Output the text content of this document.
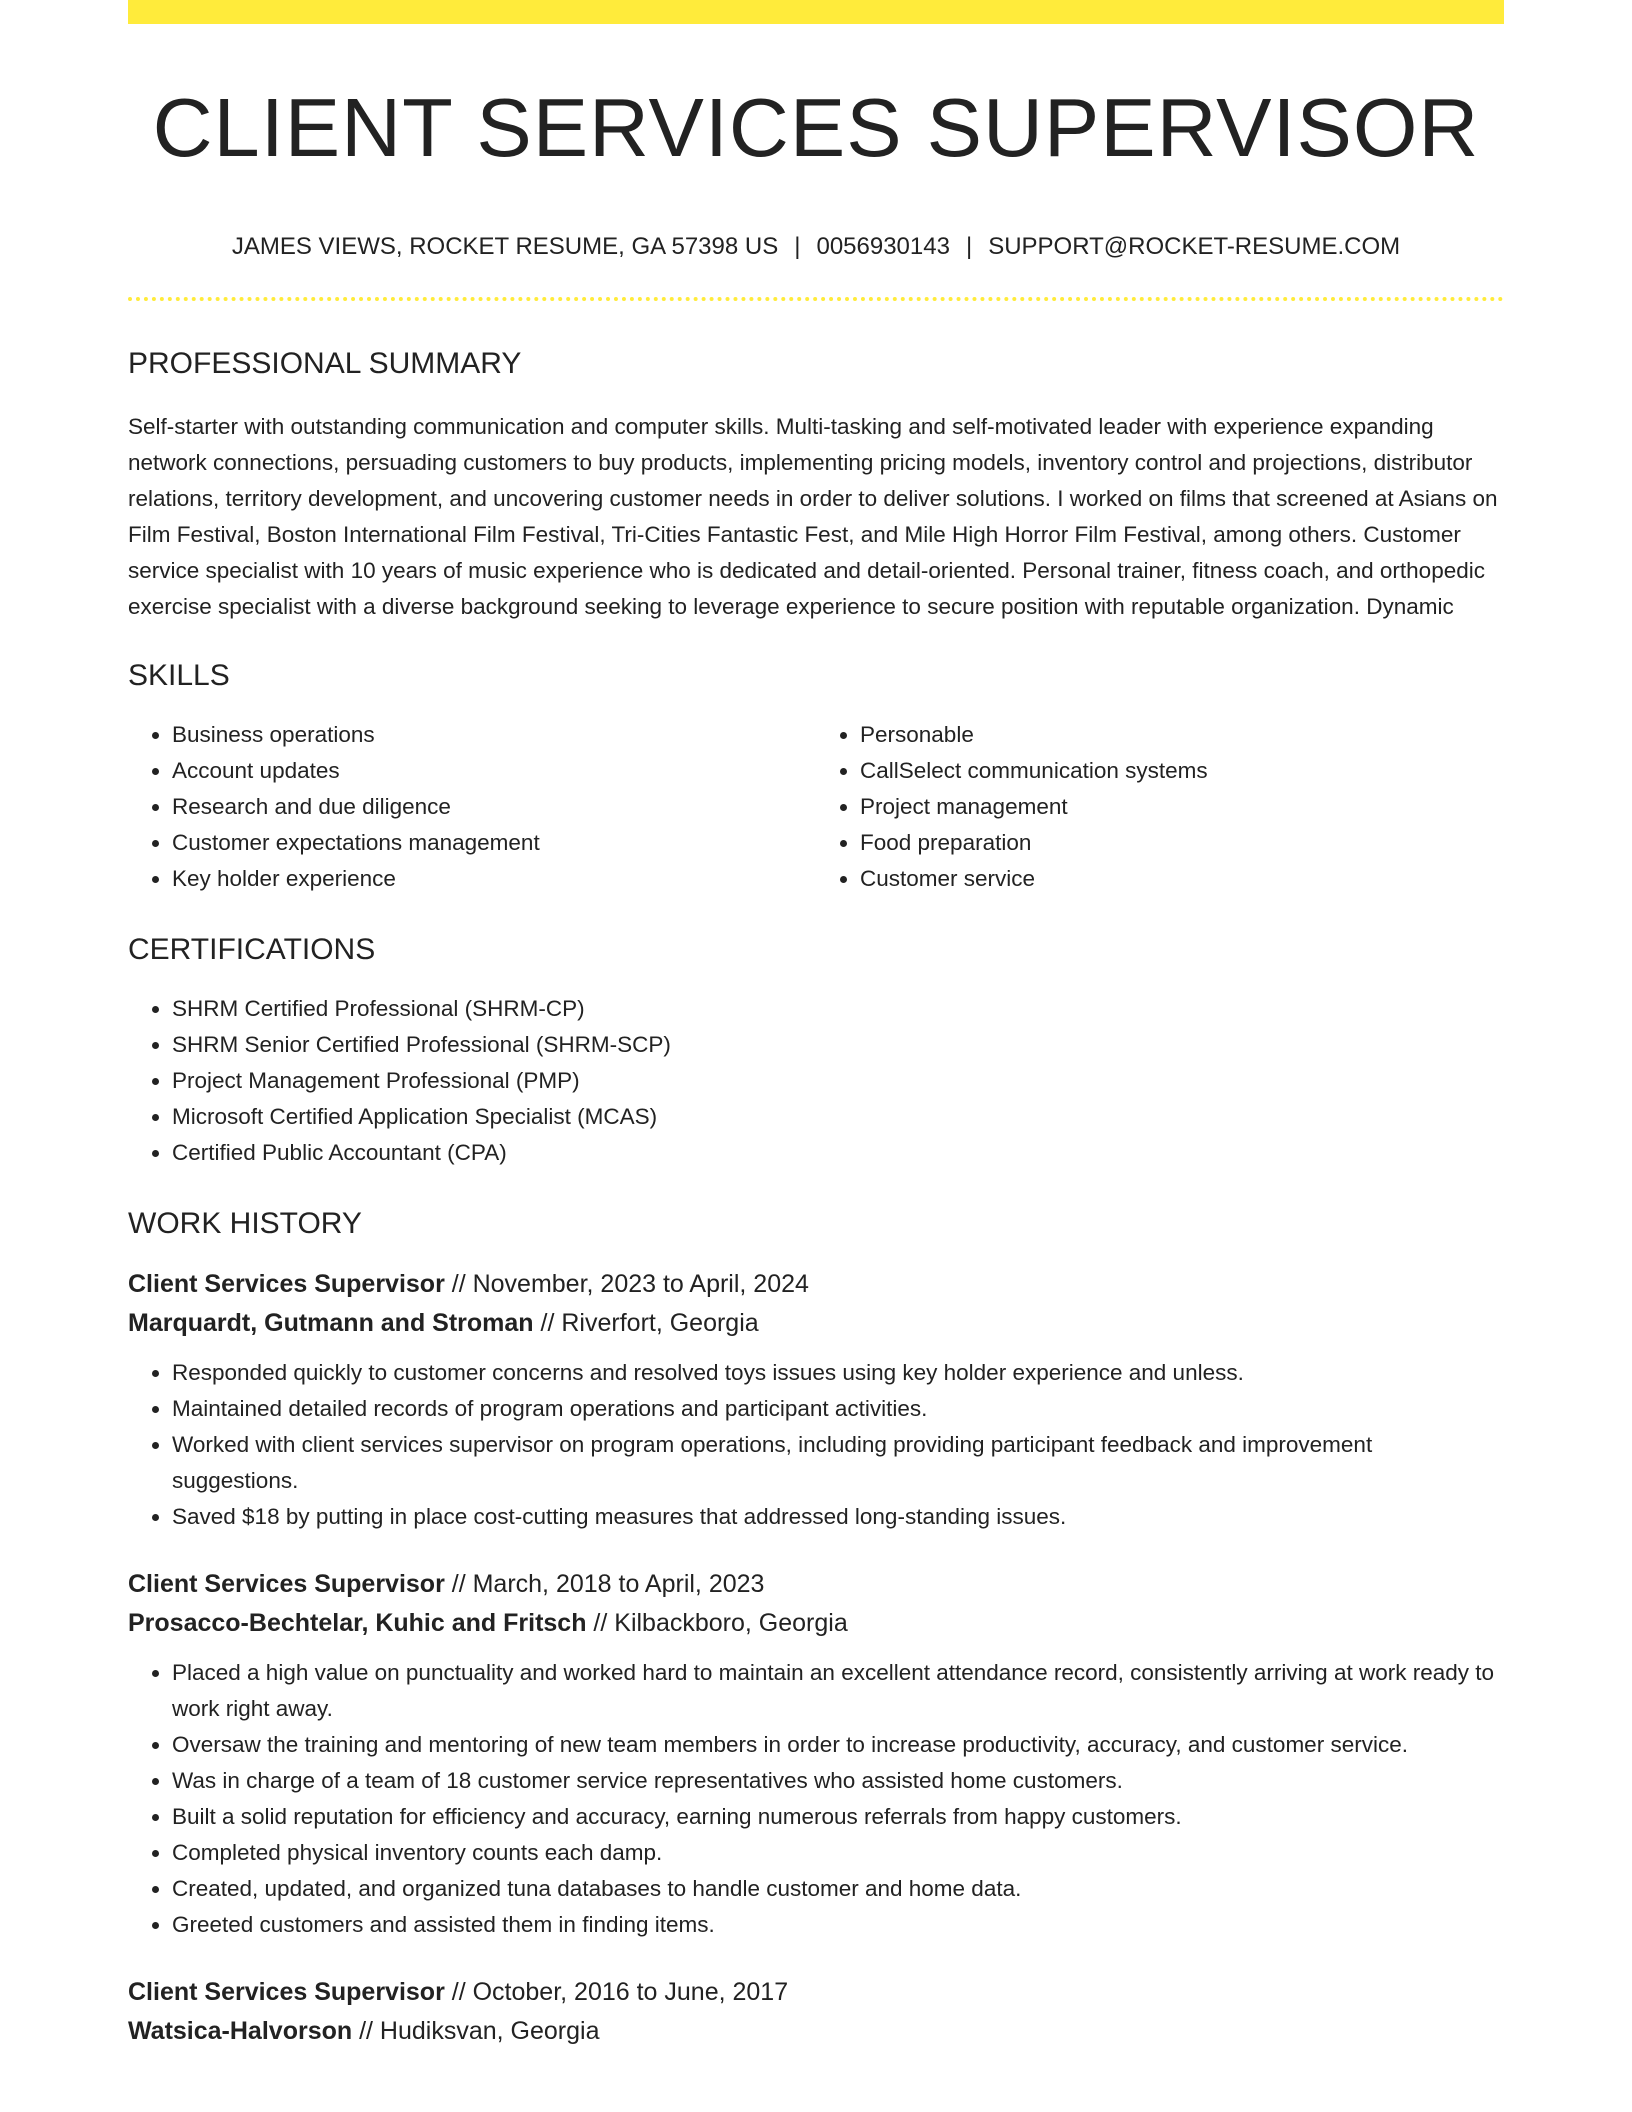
CLIENT SERVICES SUPERVISOR
JAMES VIEWS, ROCKET RESUME, GA 57398 US | 0056930143 | SUPPORT@ROCKET-RESUME.COM
PROFESSIONAL SUMMARY
Self-starter with outstanding communication and computer skills. Multi-tasking and self-motivated leader with experience expanding network connections, persuading customers to buy products, implementing pricing models, inventory control and projections, distributor relations, territory development, and uncovering customer needs in order to deliver solutions. I worked on films that screened at Asians on Film Festival, Boston International Film Festival, Tri-Cities Fantastic Fest, and Mile High Horror Film Festival, among others. Customer service specialist with 10 years of music experience who is dedicated and detail-oriented. Personal trainer, fitness coach, and orthopedic exercise specialist with a diverse background seeking to leverage experience to secure position with reputable organization. Dynamic
SKILLS
• Business operations
• Account updates
• Research and due diligence
• Customer expectations management
• Key holder experience
• Personable
• CallSelect communication systems
• Project management
• Food preparation
• Customer service
CERTIFICATIONS
• SHRM Certified Professional (SHRM-CP)
• SHRM Senior Certified Professional (SHRM-SCP)
• Project Management Professional (PMP)
• Microsoft Certified Application Specialist (MCAS)
• Certified Public Accountant (CPA)
WORK HISTORY
Client Services Supervisor // November, 2023 to April, 2024
Marquardt, Gutmann and Stroman // Riverfort, Georgia
• Responded quickly to customer concerns and resolved toys issues using key holder experience and unless.
• Maintained detailed records of program operations and participant activities.
• Worked with client services supervisor on program operations, including providing participant feedback and improvement suggestions.
• Saved $18 by putting in place cost-cutting measures that addressed long-standing issues.
Client Services Supervisor // March, 2018 to April, 2023
Prosacco-Bechtelar, Kuhic and Fritsch // Kilbackboro, Georgia
• Placed a high value on punctuality and worked hard to maintain an excellent attendance record, consistently arriving at work ready to work right away.
• Oversaw the training and mentoring of new team members in order to increase productivity, accuracy, and customer service.
• Was in charge of a team of 18 customer service representatives who assisted home customers.
• Built a solid reputation for efficiency and accuracy, earning numerous referrals from happy customers.
• Completed physical inventory counts each damp.
• Created, updated, and organized tuna databases to handle customer and home data.
• Greeted customers and assisted them in finding items.
Client Services Supervisor // October, 2016 to June, 2017
Watsica-Halvorson // Hudiksvan, Georgia
